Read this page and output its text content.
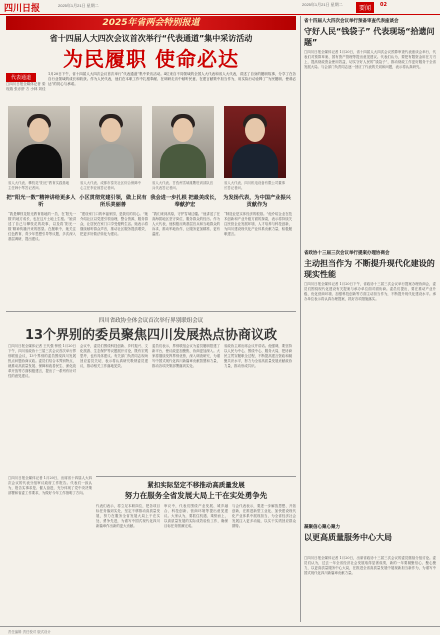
四川日报	2025年1月21日 星期二	2025年1月21日 星期二
要闻	02
2025年省两会特别报道
省十四届人大四次会议首次举行“代表通道”集中采访活动
为民履职 使命必达
代表通道
□四川日报全媒体记者 梁现瑞 张亦舒 方 小林 刘佳
1月20日下午，省十四届人大四次会议首次举行“代表通道”集中采访活动。4位来自不同领域的全国人大代表和省人大代表，讲述了自身的履职故事，分享了在各自行业领域的成长和收获。作为人民代表，他们在本职工作中扎根奉献、在调研走访中倾听民意、在建言献策中担当作为，用实际行动诠释了“为民履职、使命必达”的初心与承诺。
省人大代表、攀枝花“阳光”教育实践基地主任韩小琴答记者问。
省人大代表、成都市泰安社区综合保障中心主任李亚琼答记者问。
省人大代表、甘孜州雪域雄鹰驻训部队官兵代表答记者问。
省人大代表、四川机电设备有限公司董事长答记者问。
把“阳光一数”精神讲给更多人听
小区贯彻党建引领，做上民有所乐美丽善
我会进一步扎根 把最美成长，奉献护宏
为发扬代表，为中国产业振兴贡献作为
“我是攀枝花阳光教育基地的一员，在‘阳光一数’的地方成长，也在这片土地上生根。”她讲述了自己与攀枝花的故事，以及将‘阳光一数’精神传播开来的愿望。在履职中，她关注红色教育、青少年思想引导等议题，多次深入基层调研，提出建议。
“建设家门口的幸福家园，是我们的初心。”她介绍社区以党建引领治理，整合资源、服务群众，让居民在家门口享受便利生活。她表示将继续倾听群众声音，推动社区服务提质增效，把更多好做法转化为建议。
“我们来到高原，守护雪域边疆。”他讲述了在高海拔地区坚守岗位、服务群众的经历。作为人大代表，他积极反映基层官兵和当地群众的诉求，推动军地协作，让服务更加精准、更有温度。
“制造业是实体经济的根基。”他介绍企业在技术创新和产业升级方面的探索，表示将持续关注民营企业发展环境、人才培养与科技创新，为四川建设现代化产业体系贡献力量，积极履职建言。
四川省政协全体会议首次举行界别联组会议
13个界别的委员聚焦四川发展热点协商议政
□四川日报全媒体记者 王代强 钟悦 1月20日下午，四川省政协十三届三次会议首次举行界别联组会议，13个界别的委员围绕四川发展热点问题协商议政。委员们结合本界别特点，就推动高质量发展、保障和改善民生、深化改革开放等方面积极建言，提出了一系列有针对性的意见建议。
会议中，委员们围绕科技创新、乡村振兴、文化旅游、生态保护等议题展开讨论，既有宏观思考，也有具体建议。有关部门负责同志现场回应委员关切，表示将认真研究吸纳委员建议，推动相关工作落地见效。
委员们表示，界别联组会议为委员履职搭建了新平台，使议政更加聚焦、协商更加深入。大家将继续发挥界别优势，深入调查研究，为谱写中国式现代化四川新篇章贡献智慧和力量，推动各项决策部署落到实处。
省政协主席出席会议并讲话。他强调，要坚持以人民为中心，围绕中心、服务大局，把协商民主贯穿履职全过程，不断提高建言资政和凝聚共识水平，努力为全省高质量发展贡献政协力量，推动形成共识。
紧扣实际坚定不移推动高质量发展
努力在服务全省发展大局上干在实处勇争先
□四川日报全媒体记者 1月20日，出席省十四届人大四次会议的代表分组审议政府工作报告。代表们一致认为，报告实事求是、催人奋进，充分体现了党中央决策部署和省委工作要求，为做好今年工作指明了方向。
代表们表示，将立足本职岗位，把各项目标任务落到实处，坚定不移推动高质量发展，努力在服务全省发展大局上干在实处、勇争先进，为谱写中国式现代化四川新篇章作出新的更大贡献。
审议中，代表们围绕产业发展、城乡融合、科技创新、营商环境等提出意见建议。大家认为，要抓住机遇、乘势而上，以高质量发展的实际成效检验工作，确保目标任务圆满完成。
与会代表表示，要进一步解放思想、开拓创新，在推进新型工业化、加快建设现代化产业体系中展现担当，为全省经济社会发展注入更多动能，以实干实绩回应群众期待。
省十四届人大四次会议举行预备审查代表座谈会
守好人民“钱袋子” 代表现场“拾遗问题”
□四川日报全媒体记者 1月20日，省十四届人大四次会议预算审查代表座谈会举行，代表们对预算草案、国有资产管理等提出意见建议。代表们认为，要把有限资金用在刀刃上，提高财政资金使用效益，切实守好人民的“钱袋子”，推动财政工作更好服务于全省发展大局。与会部门负责同志逐一回应了代表的关切和问题，表示将认真研究。
省政协十三届三次会议举行提案办理协商会
主动担当作为 不断提升现代化建设的现实性能
□四川日报全媒体记者 1月20日下午，省政协十三届三次会议举行提案办理协商会，委员们围绕现代化建设有关提案与承办单位面对面协商。委员们提出，要在推动产业升级、优化营商环境、加强科技创新等方面主动担当作为，不断提升现代化建设水平。承办单位表示将认真办理提案，抓好各项措施落实。
凝聚信心聚心聚力
以更高质量服务中心大局
□四川日报全媒体记者 1月20日，出席省政协十三届三次会议的委员继续分组讨论。委员们认为，过去一年全省经济社会发展取得显著成绩，新的一年要凝聚信心、聚心聚力，以更高质量服务中心大局，在推进全省高质量发展中展现新担当新作为，为谱写中国式现代化四川新篇章贡献力量。
责任编辑 责任校对 版式设计
